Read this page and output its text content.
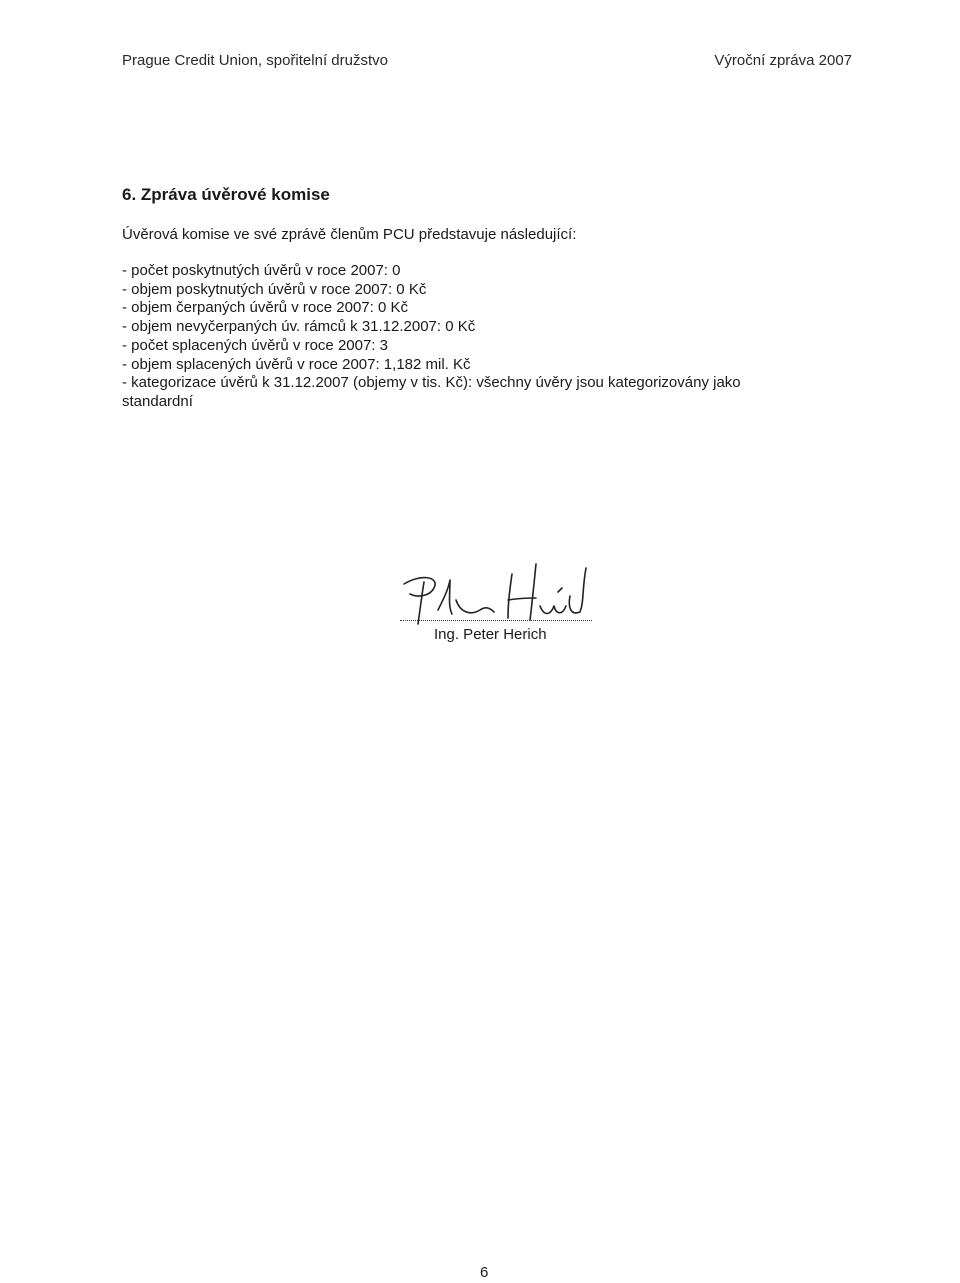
Prague Credit Union, spořitelní družstvo	Výroční zpráva 2007
6. Zpráva úvěrové komise
Úvěrová komise ve své zprávě členům PCU představuje následující:
- počet poskytnutých úvěrů v roce 2007: 0
- objem poskytnutých úvěrů v roce 2007: 0 Kč
- objem čerpaných úvěrů v roce 2007: 0 Kč
- objem nevyčerpaných úv. rámců k 31.12.2007: 0 Kč
- počet splacených úvěrů v roce 2007: 3
- objem splacených úvěrů v roce 2007: 1,182 mil. Kč
- kategorizace úvěrů k 31.12.2007 (objemy v tis. Kč): všechny úvěry jsou kategorizovány jako standardní
Ing. Peter Herich
6
